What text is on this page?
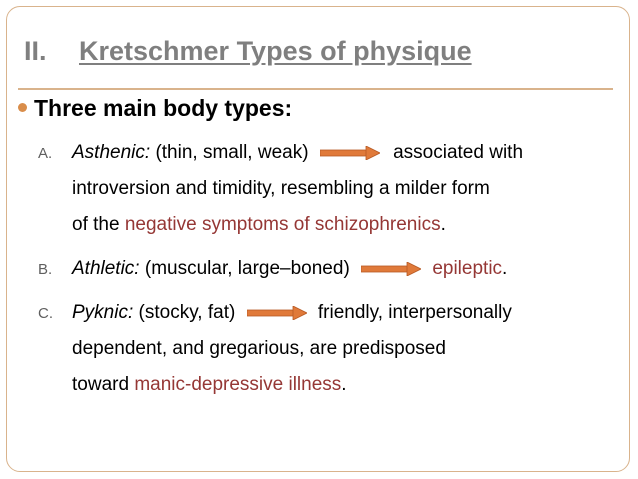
II. Kretschmer Types of physique
Three main body types:
A. Asthenic: (thin, small, weak)	associated with
introversion and timidity, resembling a milder form
of the negative symptoms of schizophrenics.
B. Athletic: (muscular, large–boned)	epileptic.
C. Pyknic: (stocky, fat)	friendly, interpersonally
dependent, and gregarious, are predisposed
toward manic-depressive illness.
